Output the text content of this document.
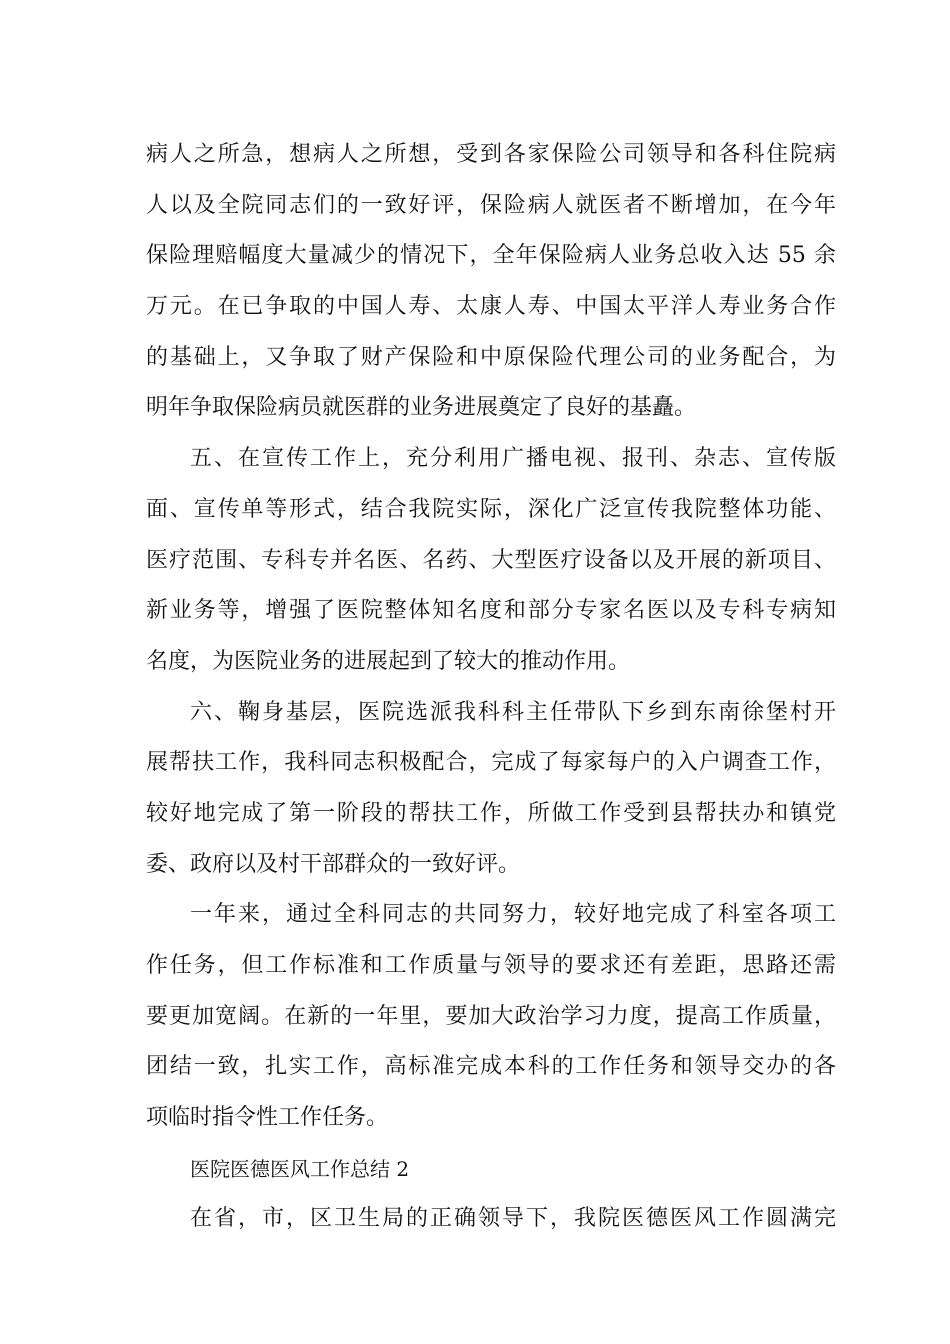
病人之所急，想病人之所想，受到各家保险公司领导和各科住院病

人以及全院同志们的一致好评，保险病人就医者不断增加，在今年

保险理赔幅度大量减少的情况下，全年保险病人业务总收入达 55 余

万元。在已争取的中国人寿、太康人寿、中国太平洋人寿业务合作

的基础上，又争取了财产保险和中原保险代理公司的业务配合，为

明年争取保险病员就医群的业务进展奠定了良好的基矗。

五、在宣传工作上，充分利用广播电视、报刊、杂志、宣传版

面、宣传单等形式，结合我院实际，深化广泛宣传我院整体功能、

医疗范围、专科专并名医、名药、大型医疗设备以及开展的新项目、

新业务等，增强了医院整体知名度和部分专家名医以及专科专病知

名度，为医院业务的进展起到了较大的推动作用。

六、鞠身基层，医院选派我科科主任带队下乡到东南徐堡村开

展帮扶工作，我科同志积极配合，完成了每家每户的入户调查工作，

较好地完成了第一阶段的帮扶工作，所做工作受到县帮扶办和镇党

委、政府以及村干部群众的一致好评。

一年来，通过全科同志的共同努力，较好地完成了科室各项工

作任务，但工作标准和工作质量与领导的要求还有差距，思路还需

要更加宽阔。在新的一年里，要加大政治学习力度，提高工作质量，

团结一致，扎实工作，高标准完成本科的工作任务和领导交办的各

项临时指令性工作任务。

医院医德医风工作总结 2

在省，市，区卫生局的正确领导下，我院医德医风工作圆满完
